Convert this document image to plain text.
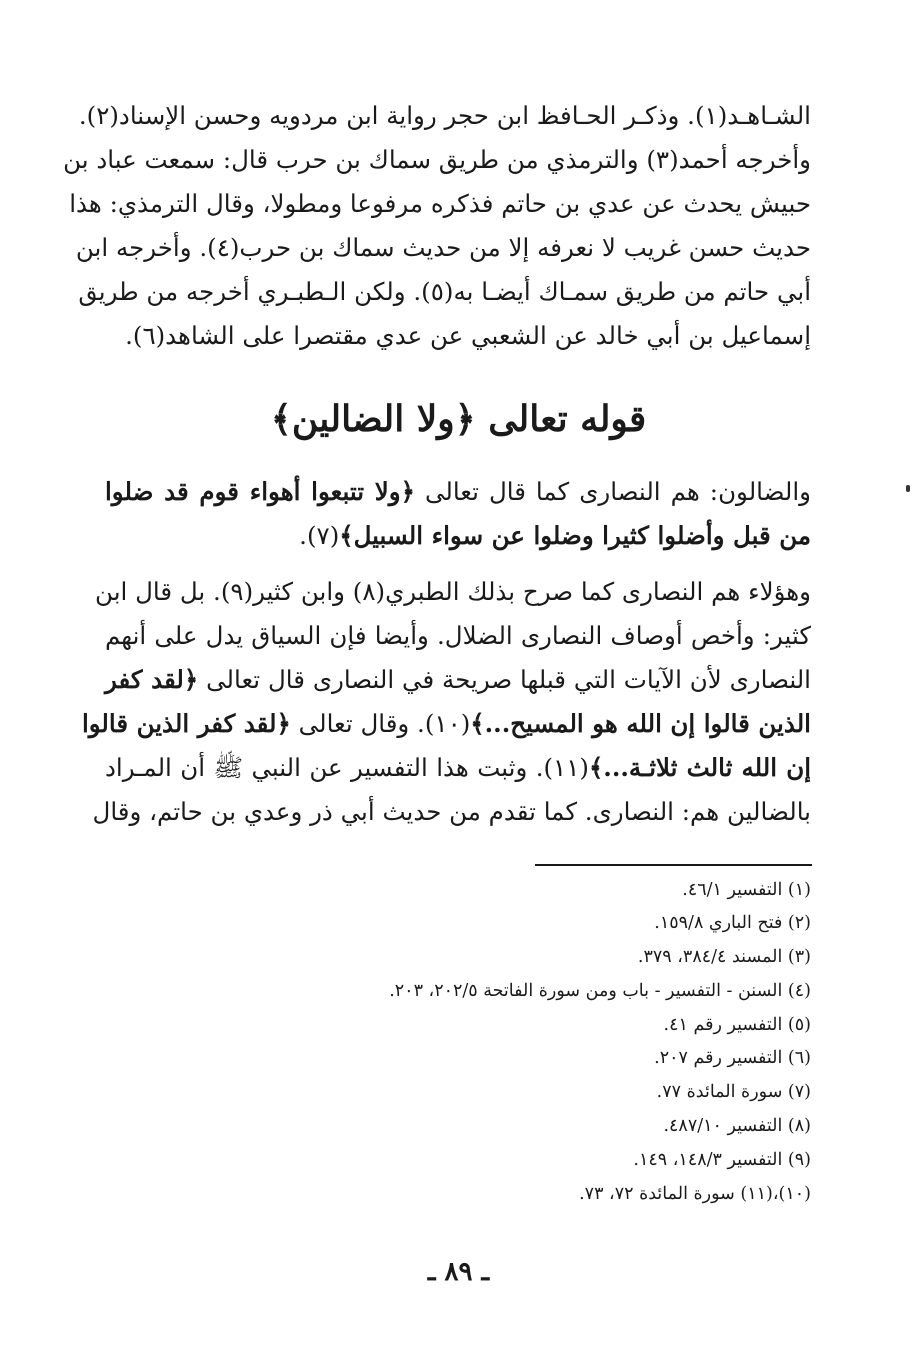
الشـاهـد(١). وذكـر الحـافظ ابن حجر رواية ابن مردويه وحسن الإسناد(٢).
وأخرجه أحمد(٣) والترمذي من طريق سماك بن حرب قال: سمعت عباد بن
حبيش يحدث عن عدي بن حاتم فذكره مرفوعا ومطولا، وقال الترمذي: هذا
حديث حسن غريب لا نعرفه إلا من حديث سماك بن حرب(٤). وأخرجه ابن
أبي حاتم من طريق سمـاك أيضـا به(٥). ولكن الـطبـري أخرجه من طريق
إسماعيل بن أبي خالد عن الشعبي عن عدي مقتصرا على الشاهد(٦).
قوله تعالى ﴿ولا الضالين﴾
والضالون: هم النصارى كما قال تعالى ﴿ولا تتبعوا أهواء قوم قد ضلوا
من قبل وأضلوا كثيرا وضلوا عن سواء السبيل﴾(٧).
وهؤلاء هم النصارى كما صرح بذلك الطبري(٨) وابن كثير(٩). بل قال ابن
كثير: وأخص أوصاف النصارى الضلال. وأيضا فإن السياق يدل على أنهم
النصارى لأن الآيات التي قبلها صريحة في النصارى قال تعالى ﴿لقد كفر
الذين قالوا إن الله هو المسيح...﴾(١٠). وقال تعالى ﴿لقد كفر الذين قالوا
إن الله ثالث ثلاثـة...﴾(١١). وثبت هذا التفسير عن النبي ﷺ أن المـراد
بالضالين هم: النصارى. كما تقدم من حديث أبي ذر وعدي بن حاتم، وقال
(١) التفسير ٤٦/١.
(٢) فتح الباري ١٥٩/٨.
(٣) المسند ٣٨٤/٤، ٣٧٩.
(٤) السنن - التفسير - باب ومن سورة الفاتحة ٢٠٢/٥، ٢٠٣.
(٥) التفسير رقم ٤١.
(٦) التفسير رقم ٢٠٧.
(٧) سورة المائدة ٧٧.
(٨) التفسير ٤٨٧/١٠.
(٩) التفسير ١٤٨/٣، ١٤٩.
(١٠)،(١١) سورة المائدة ٧٢، ٧٣.
ـ ٨٩ ـ
